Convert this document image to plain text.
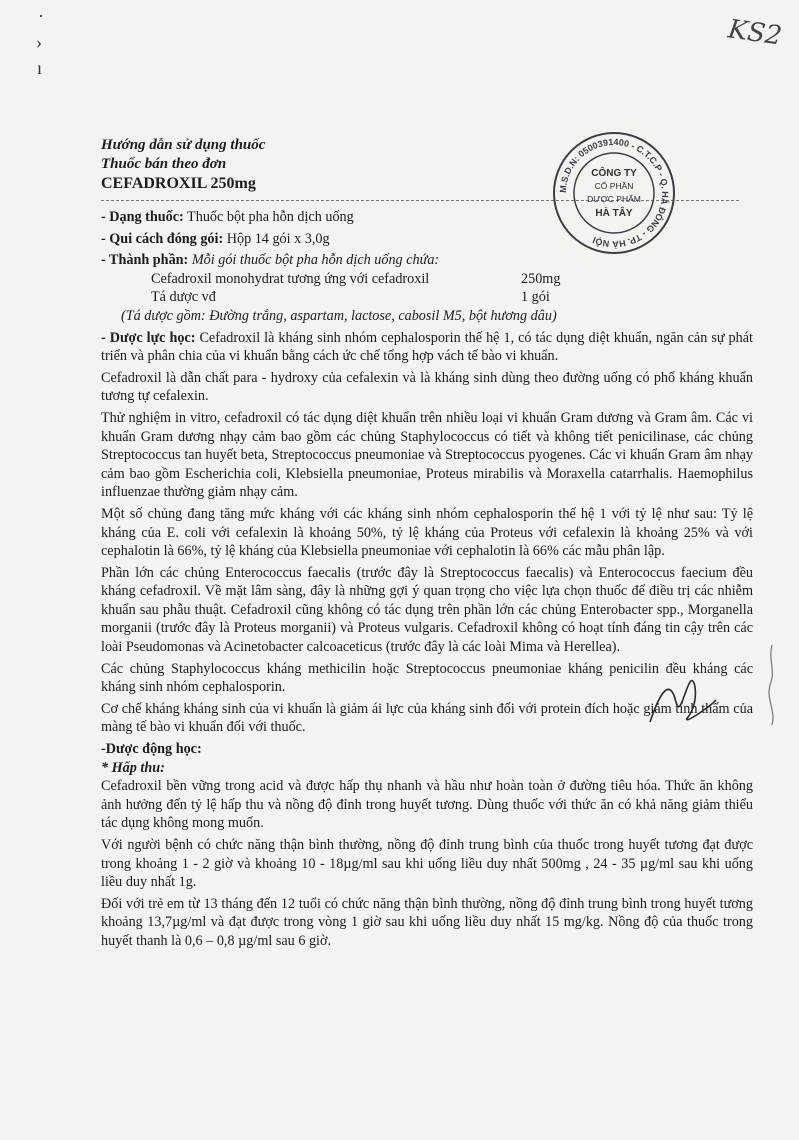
·
›
ı
KS2
Hướng dẫn sử dụng thuốc
Thuốc bán theo đơn
CEFADROXIL 250mg	M.S.D.N: 0500391400 - C.T.C.P - Q. HÀ ĐÔNG - TP. HÀ NỘI
CÔNG TY
CỔ PHẦN
DƯỢC PHẨM
HÀ TÂY

- Dạng thuốc: Thuốc bột pha hỗn dịch uống

- Qui cách đóng gói: Hộp 14 gói x 3,0g

- Thành phần: Mỗi gói thuốc bột pha hỗn dịch uống chứa:

Cefadroxil monohydrat tương ứng với cefadroxil	250mg
Tá dược vđ	1 gói

(Tá dược gồm: Đường trắng, aspartam, lactose, cabosil M5, bột hương dâu)

- Dược lực học: Cefadroxil là kháng sinh nhóm cephalosporin thế hệ 1, có tác dụng diệt khuẩn, ngăn cản sự phát triển và phân chia của vi khuẩn bằng cách ức chế tổng hợp vách tế bào vi khuẩn.

Cefadroxil là dẫn chất para - hydroxy của cefalexin và là kháng sinh dùng theo đường uống có phổ kháng khuẩn tương tự cefalexin.

Thử nghiệm in vitro, cefadroxil có tác dụng diệt khuẩn trên nhiều loại vi khuẩn Gram dương và Gram âm. Các vi khuẩn Gram dương nhạy cảm bao gồm các chủng Staphylococcus có tiết và không tiết penicilinase, các chủng Streptococcus tan huyết beta, Streptococcus pneumoniae và Streptococcus pyogenes. Các vi khuẩn Gram âm nhạy cảm bao gồm Escherichia coli, Klebsiella pneumoniae, Proteus mirabilis và Moraxella catarrhalis. Haemophilus influenzae thường giảm nhạy cảm.

Một số chủng đang tăng mức kháng với các kháng sinh nhóm cephalosporin thế hệ 1 với tỷ lệ như sau: Tỷ lệ kháng của E. coli với cefalexin là khoảng 50%, tỷ lệ kháng của Proteus với cefalexin là khoảng 25% và với cephalotin là 66%, tỷ lệ kháng của Klebsiella pneumoniae với cephalotin là 66% các mẫu phân lập.

Phần lớn các chủng Enterococcus faecalis (trước đây là Streptococcus faecalis) và Enterococcus faecium đều kháng cefadroxil. Về mặt lâm sàng, đây là những gợi ý quan trọng cho việc lựa chọn thuốc để điều trị các nhiễm khuẩn sau phẫu thuật. Cefadroxil cũng không có tác dụng trên phần lớn các chủng Enterobacter spp., Morganella morganii (trước đây là Proteus morganii) và Proteus vulgaris. Cefadroxil không có hoạt tính đáng tin cậy trên các loài Pseudomonas và Acinetobacter calcoaceticus (trước đây là các loài Mima và Herellea).

Các chủng Staphylococcus kháng methicilin hoặc Streptococcus pneumoniae kháng penicilin đều kháng các kháng sinh nhóm cephalosporin.

Cơ chế kháng kháng sinh của vi khuẩn là giảm ái lực của kháng sinh đối với protein đích hoặc giảm tính thấm của màng tế bào vi khuẩn đối với thuốc.

-Dược động học:

* Hấp thu:

Cefadroxil bền vững trong acid và được hấp thụ nhanh và hầu như hoàn toàn ở đường tiêu hóa. Thức ăn không ảnh hưởng đến tỷ lệ hấp thu và nồng độ đỉnh trong huyết tương. Dùng thuốc với thức ăn có khả năng giảm thiểu tác dụng không mong muốn.

Với người bệnh có chức năng thận bình thường, nồng độ đỉnh trung bình của thuốc trong huyết tương đạt được trong khoảng 1 - 2 giờ và khoảng 10 - 18µg/ml sau khi uống liều duy nhất 500mg , 24 - 35 µg/ml sau khi uống liều duy nhất 1g.

Đối với trẻ em từ 13 tháng đến 12 tuổi có chức năng thận bình thường, nồng độ đỉnh trung bình trong huyết tương khoảng 13,7µg/ml và đạt được trong vòng 1 giờ sau khi uống liều duy nhất 15 mg/kg. Nồng độ của thuốc trong huyết thanh là 0,6 – 0,8 µg/ml sau 6 giờ.
